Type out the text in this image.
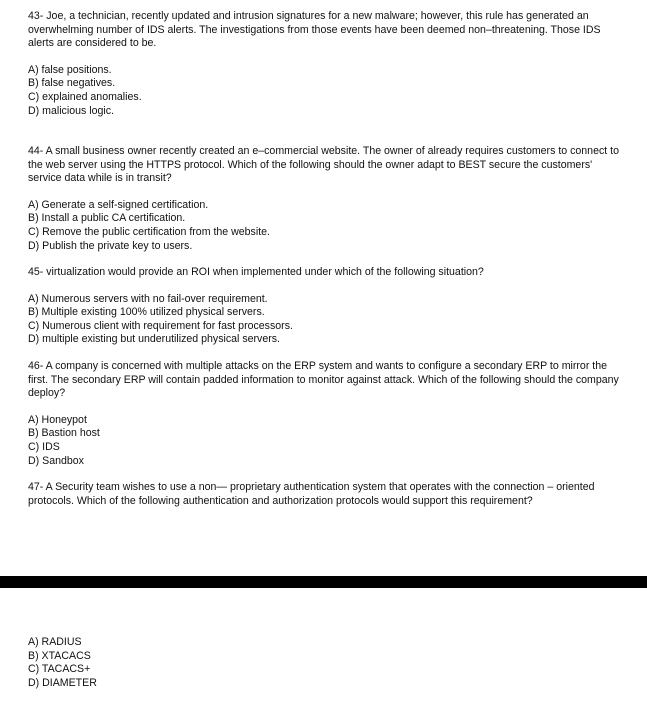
43- Joe, a technician, recently updated and intrusion signatures for a new malware; however, this rule has generated an overwhelming number of IDS alerts. The investigations from those events have been deemed non–threatening. Those IDS alerts are considered to be.

A) false positions.
B) false negatives.
C) explained anomalies.
D) malicious logic.

44- A small business owner recently created an e–commercial website. The owner of already requires customers to connect to the web server using the HTTPS protocol. Which of the following should the owner adapt to BEST secure the customers' service data while is in transit?

A) Generate a self-signed certification.
B) Install a public CA certification.
C) Remove the public certification from the website.
D) Publish the private key to users.

45- virtualization would provide an ROI when implemented under which of the following situation?

A) Numerous servers with no fail-over requirement.
B) Multiple existing 100% utilized physical servers.
C) Numerous client with requirement for fast processors.
D) multiple existing but underutilized physical servers.

46- A company is concerned with multiple attacks on the ERP system and wants to configure a secondary ERP to mirror the first. The secondary ERP will contain padded information to monitor against attack. Which of the following should the company deploy?

A) Honeypot
B) Bastion host
C) IDS
D) Sandbox

47- A Security team wishes to use a non— proprietary authentication system that operates with the connection – oriented protocols. Which of the following authentication and authorization protocols would support this requirement?

A) RADIUS
B) XTACACS
C) TACACS+
D) DIAMETER
